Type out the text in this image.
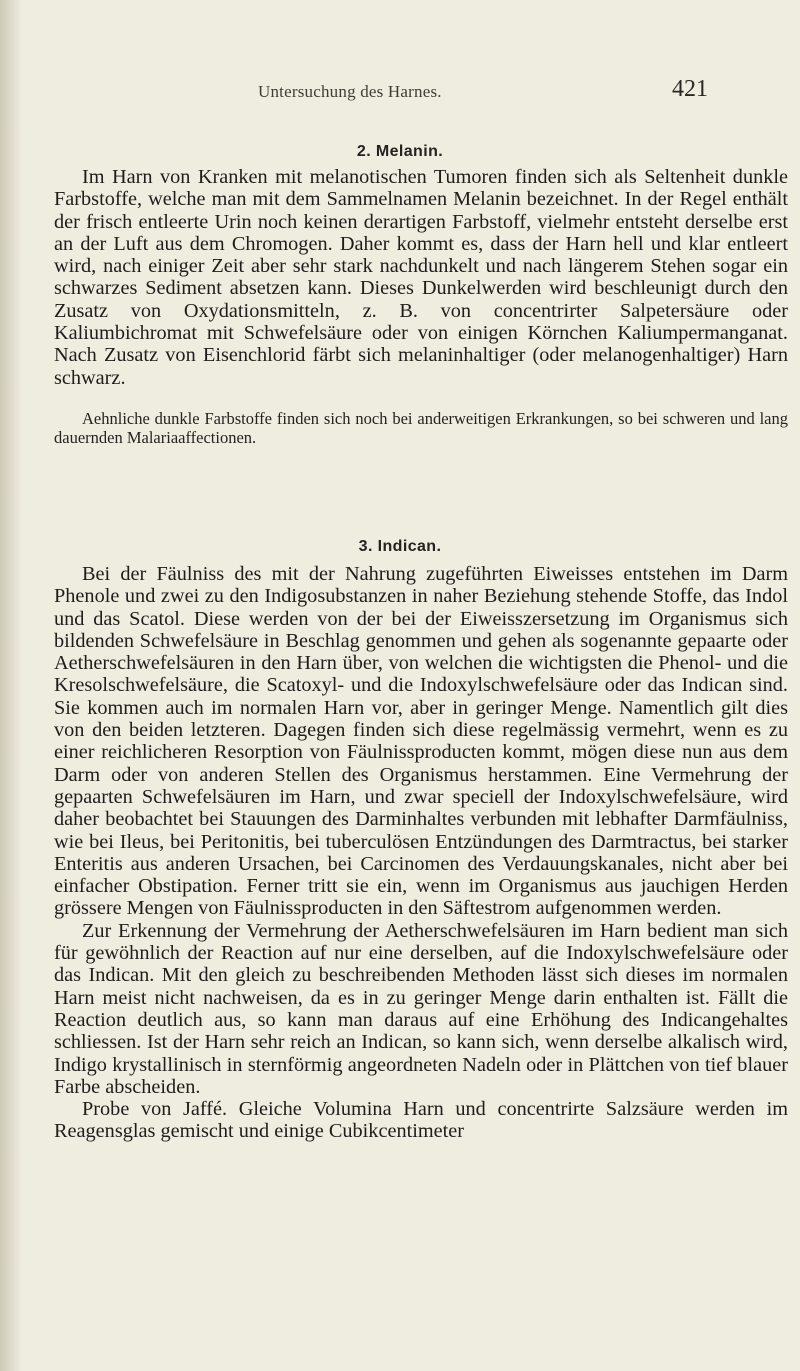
Untersuchung des Harnes.	421
2. Melanin.

Im Harn von Kranken mit melanotischen Tumoren finden sich als Seltenheit dunkle Farbstoffe, welche man mit dem Sammelnamen Melanin bezeichnet. In der Regel enthält der frisch entleerte Urin noch keinen derartigen Farbstoff, vielmehr entsteht derselbe erst an der Luft aus dem Chromogen. Daher kommt es, dass der Harn hell und klar entleert wird, nach einiger Zeit aber sehr stark nachdunkelt und nach längerem Stehen sogar ein schwarzes Sediment absetzen kann. Dieses Dunkelwerden wird beschleunigt durch den Zusatz von Oxydationsmitteln, z. B. von concentrirter Salpetersäure oder Kaliumbichromat mit Schwefelsäure oder von einigen Körnchen Kaliumpermanganat. Nach Zusatz von Eisenchlorid färbt sich melaninhaltiger (oder melanogenhaltiger) Harn schwarz.

Aehnliche dunkle Farbstoffe finden sich noch bei anderweitigen Erkrankungen, so bei schweren und lang dauernden Malariaaffectionen.

3. Indican.

Bei der Fäulniss des mit der Nahrung zugeführten Eiweisses entstehen im Darm Phenole und zwei zu den Indigosubstanzen in naher Beziehung stehende Stoffe, das Indol und das Scatol. Diese werden von der bei der Eiweisszersetzung im Organismus sich bildenden Schwefelsäure in Beschlag genommen und gehen als sogenannte gepaarte oder Aetherschwefelsäuren in den Harn über, von welchen die wichtigsten die Phenol- und die Kresolschwefelsäure, die Scatoxyl- und die Indoxylschwefelsäure oder das Indican sind. Sie kommen auch im normalen Harn vor, aber in geringer Menge. Namentlich gilt dies von den beiden letzteren. Dagegen finden sich diese regelmässig vermehrt, wenn es zu einer reichlicheren Resorption von Fäulnissproducten kommt, mögen diese nun aus dem Darm oder von anderen Stellen des Organismus herstammen. Eine Vermehrung der gepaarten Schwefelsäuren im Harn, und zwar speciell der Indoxylschwefelsäure, wird daher beobachtet bei Stauungen des Darminhaltes verbunden mit lebhafter Darmfäulniss, wie bei Ileus, bei Peritonitis, bei tuberculösen Entzündungen des Darmtractus, bei starker Enteritis aus anderen Ursachen, bei Carcinomen des Verdauungskanales, nicht aber bei einfacher Obstipation. Ferner tritt sie ein, wenn im Organismus aus jauchigen Herden grössere Mengen von Fäulnissproducten in den Säftestrom aufgenommen werden.

Zur Erkennung der Vermehrung der Aetherschwefelsäuren im Harn bedient man sich für gewöhnlich der Reaction auf nur eine derselben, auf die Indoxylschwefelsäure oder das Indican. Mit den gleich zu beschreibenden Methoden lässt sich dieses im normalen Harn meist nicht nachweisen, da es in zu geringer Menge darin enthalten ist. Fällt die Reaction deutlich aus, so kann man daraus auf eine Erhöhung des Indicangehaltes schliessen. Ist der Harn sehr reich an Indican, so kann sich, wenn derselbe alkalisch wird, Indigo krystallinisch in sternförmig angeordneten Nadeln oder in Plättchen von tief blauer Farbe abscheiden.

Probe von Jaffé. Gleiche Volumina Harn und concentrirte Salzsäure werden im Reagensglas gemischt und einige Cubikcentimeter
